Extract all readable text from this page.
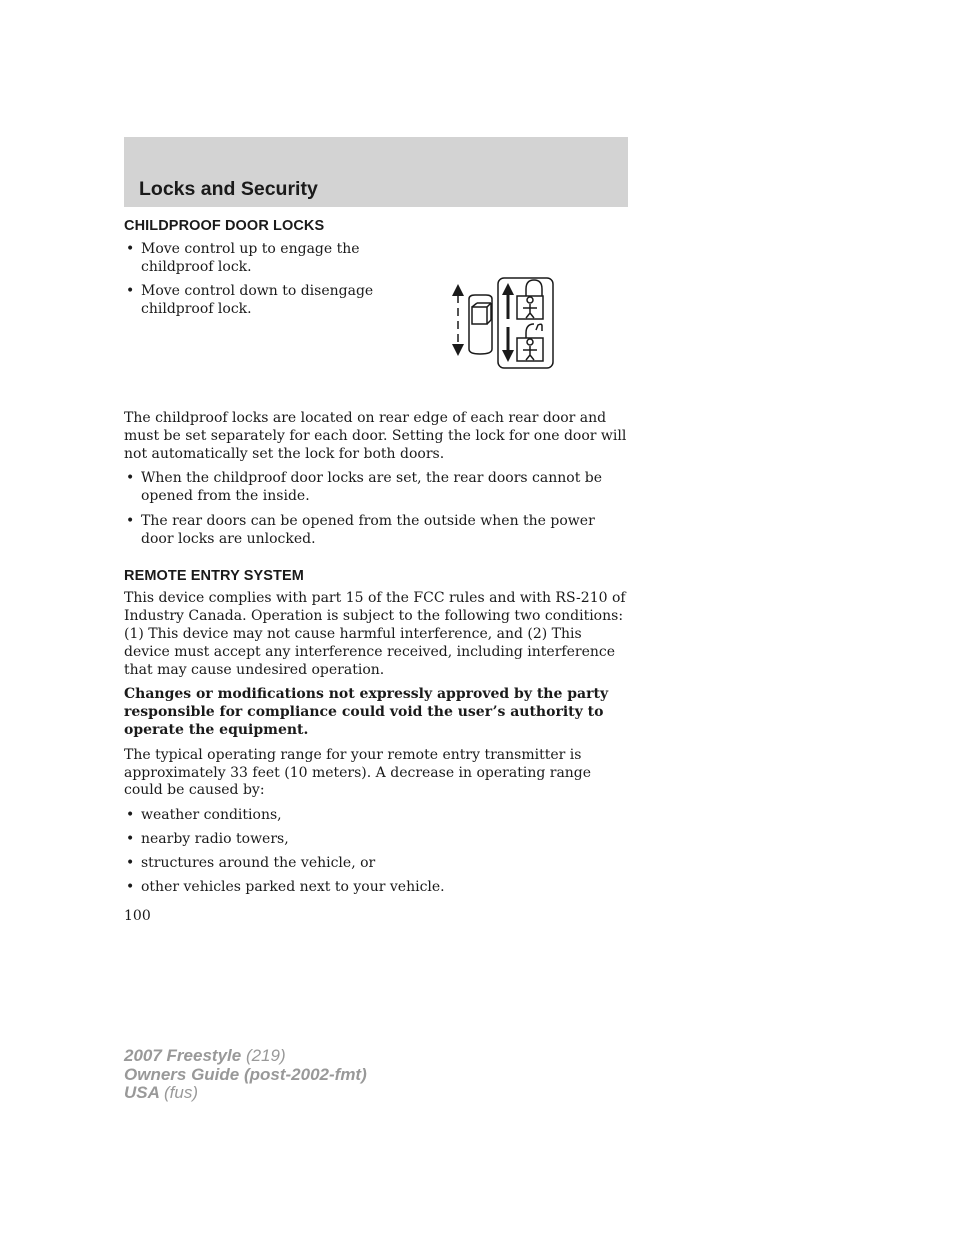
Locks and Security
CHILDPROOF DOOR LOCKS
• Move control up to engage the childproof lock.
• Move control down to disengage childproof lock.

The childproof locks are located on rear edge of each rear door and must be set separately for each door. Setting the lock for one door will not automatically set the lock for both doors.

• When the childproof door locks are set, the rear doors cannot be opened from the inside.
• The rear doors can be opened from the outside when the power door locks are unlocked.
REMOTE ENTRY SYSTEM

This device complies with part 15 of the FCC rules and with RS-210 of Industry Canada. Operation is subject to the following two conditions: (1) This device may not cause harmful interference, and (2) This device must accept any interference received, including interference that may cause undesired operation.

Changes or modifications not expressly approved by the party responsible for compliance could void the user’s authority to operate the equipment.

The typical operating range for your remote entry transmitter is approximately 33 feet (10 meters). A decrease in operating range could be caused by:

• weather conditions,
• nearby radio towers,
• structures around the vehicle, or
• other vehicles parked next to your vehicle.
100
2007 Freestyle (219)
Owners Guide (post-2002-fmt)
USA (fus)
